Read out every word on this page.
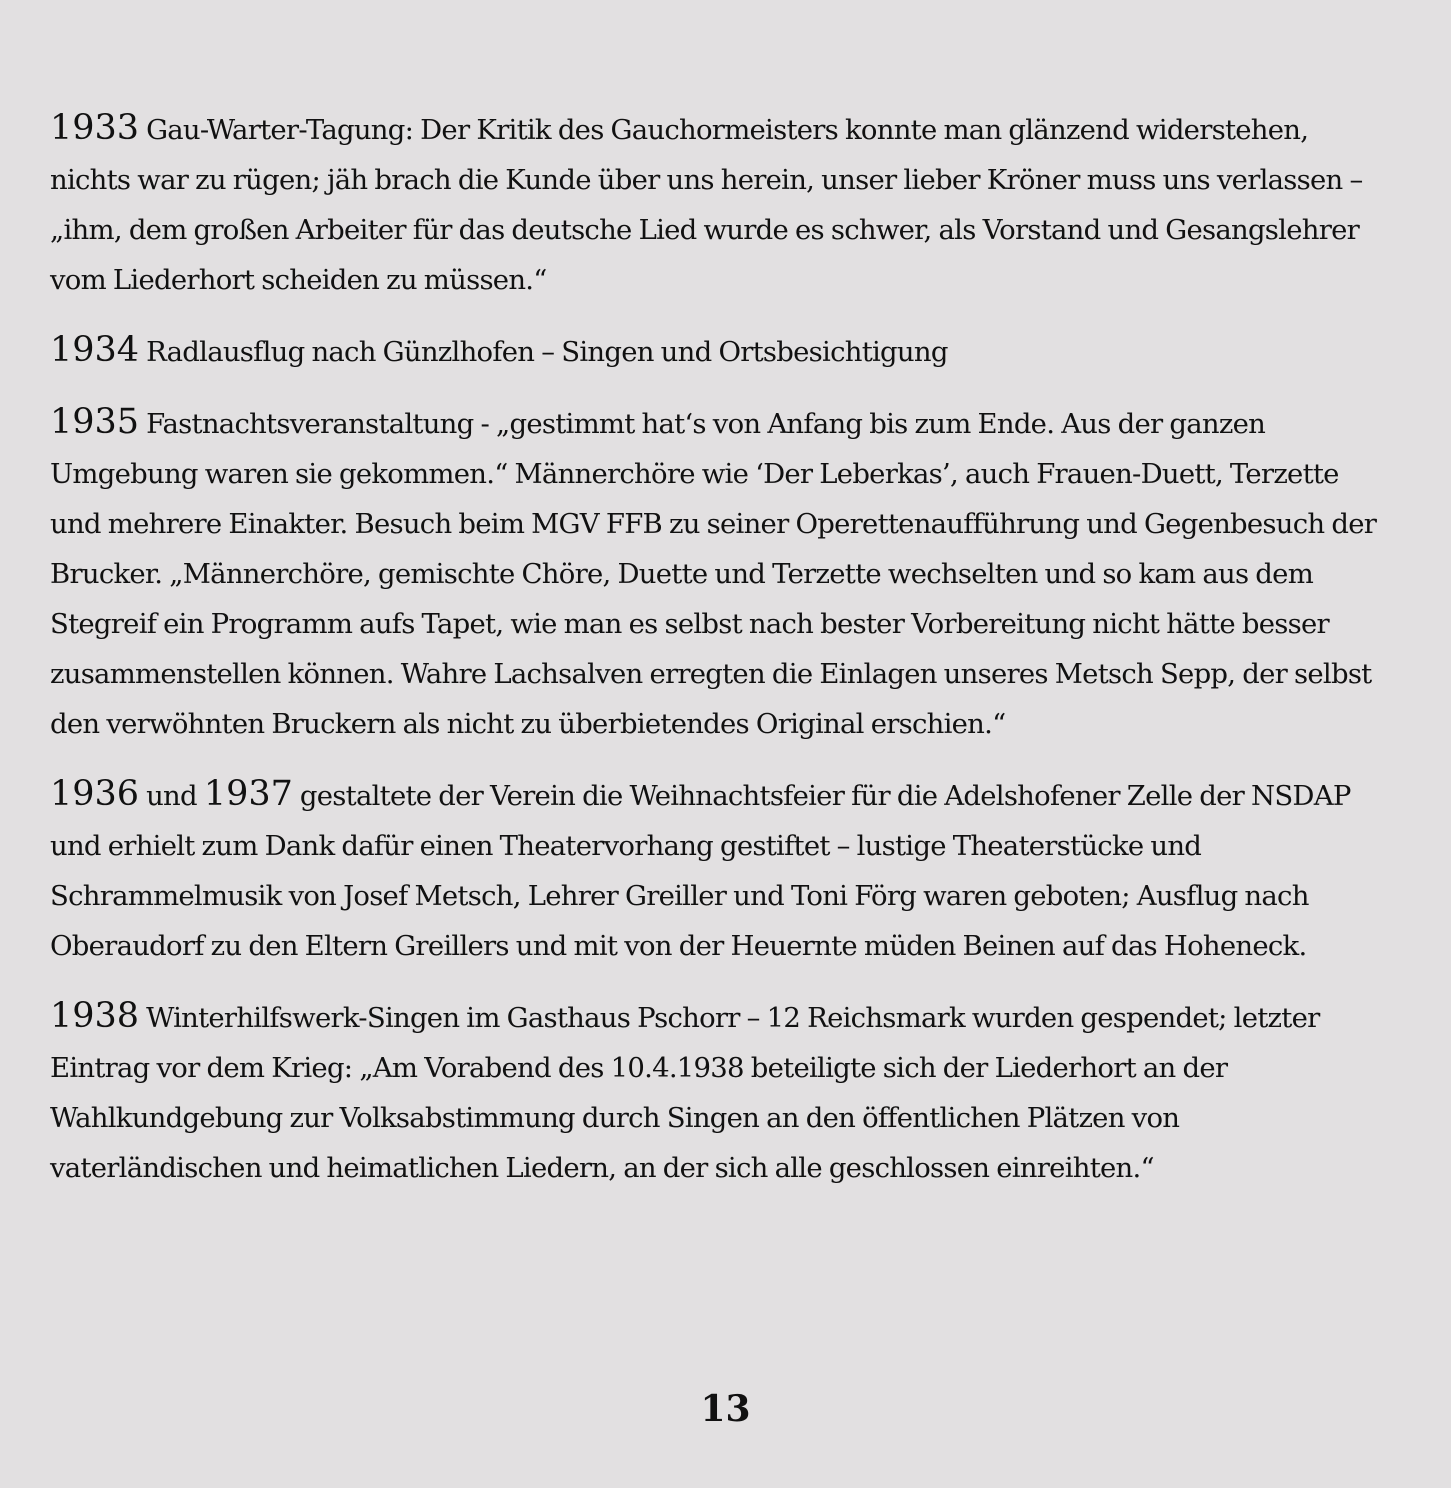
1933 Gau-Warter-Tagung: Der Kritik des Gauchormeisters konnte man glänzend widerstehen, nichts war zu rügen; jäh brach die Kunde über uns herein, unser lieber Kröner muss uns verlassen – „ihm, dem großen Arbeiter für das deutsche Lied wurde es schwer, als Vorstand und Gesangslehrer vom Liederhort scheiden zu müssen.“

1934 Radlausflug nach Günzlhofen – Singen und Ortsbesichtigung

1935 Fastnachtsveranstaltung - „gestimmt hat‘s von Anfang bis zum Ende. Aus der ganzen Umgebung waren sie gekommen.“ Männerchöre wie ‘Der Leberkas’, auch Frauen-Duett, Terzette und mehrere Einakter. Besuch beim MGV FFB zu seiner Operettenaufführung und Gegenbesuch der Brucker. „Männerchöre, gemischte Chöre, Duette und Terzette wechselten und so kam aus dem Stegreif ein Programm aufs Tapet, wie man es selbst nach bester Vorbereitung nicht hätte besser zusammenstellen können. Wahre Lachsalven erregten die Einlagen unseres Metsch Sepp, der selbst den verwöhnten Bruckern als nicht zu überbietendes Original erschien.“

1936 und 1937 gestaltete der Verein die Weihnachtsfeier für die Adelshofener Zelle der NSDAP und erhielt zum Dank dafür einen Theatervorhang gestiftet – lustige Theaterstücke und Schrammelmusik von Josef Metsch, Lehrer Greiller und Toni Förg waren geboten; Ausflug nach Oberaudorf zu den Eltern Greillers und mit von der Heuernte müden Beinen auf das Hoheneck.

1938 Winterhilfswerk-Singen im Gasthaus Pschorr – 12 Reichsmark wurden gespendet; letzter Eintrag vor dem Krieg: „Am Vorabend des 10.4.1938 beteiligte sich der Liederhort an der Wahlkundgebung zur Volksabstimmung durch Singen an den öffentlichen Plätzen von vaterländischen und heimatlichen Liedern, an der sich alle geschlossen einreihten.“

13
